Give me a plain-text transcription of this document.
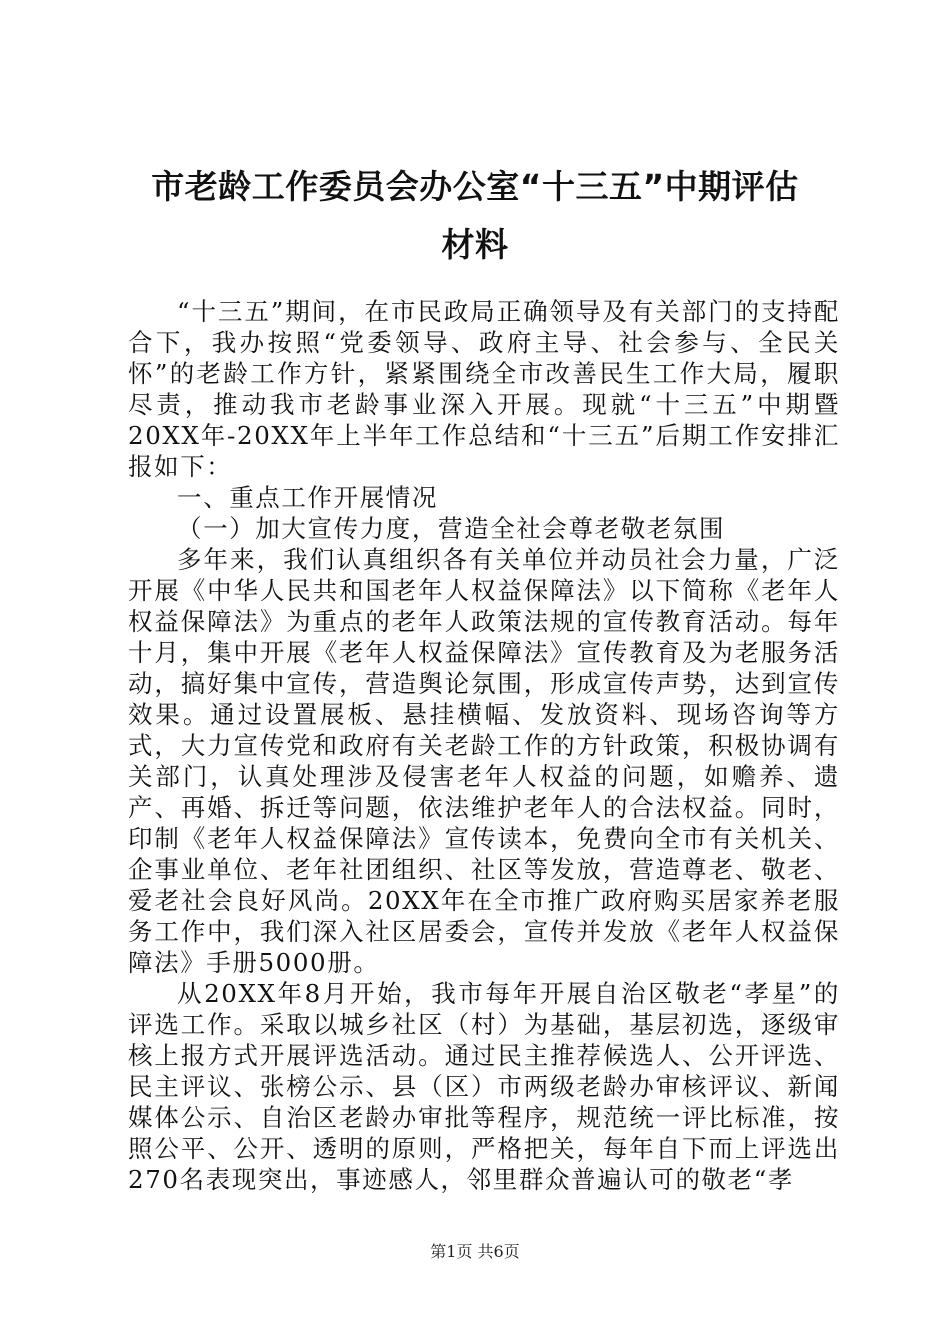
市老龄工作委员会办公室“十三五”中期评估
材料

“十三五”期间，在市民政局正确领导及有关部门的支持配合下，我办按照“党委领导、政府主导、社会参与、全民关怀”的老龄工作方针，紧紧围绕全市改善民生工作大局，履职尽责，推动我市老龄事业深入开展。现就“十三五”中期暨20XX年-20XX年上半年工作总结和“十三五”后期工作安排汇报如下：

一、重点工作开展情况

（一）加大宣传力度，营造全社会尊老敬老氛围

多年来，我们认真组织各有关单位并动员社会力量，广泛开展《中华人民共和国老年人权益保障法》以下简称《老年人权益保障法》为重点的老年人政策法规的宣传教育活动。每年十月，集中开展《老年人权益保障法》宣传教育及为老服务活动，搞好集中宣传，营造舆论氛围，形成宣传声势，达到宣传效果。通过设置展板、悬挂横幅、发放资料、现场咨询等方式，大力宣传党和政府有关老龄工作的方针政策，积极协调有关部门，认真处理涉及侵害老年人权益的问题，如赡养、遗产、再婚、拆迁等问题，依法维护老年人的合法权益。同时，印制《老年人权益保障法》宣传读本，免费向全市有关机关、企事业单位、老年社团组织、社区等发放，营造尊老、敬老、爱老社会良好风尚。20XX年在全市推广政府购买居家养老服务工作中，我们深入社区居委会，宣传并发放《老年人权益保障法》手册5000册。

从20XX年8月开始，我市每年开展自治区敬老“孝星”的评选工作。采取以城乡社区（村）为基础，基层初选，逐级审核上报方式开展评选活动。通过民主推荐候选人、公开评选、民主评议、张榜公示、县（区）市两级老龄办审核评议、新闻媒体公示、自治区老龄办审批等程序，规范统一评比标准，按照公平、公开、透明的原则，严格把关，每年自下而上评选出270名表现突出，事迹感人，邻里群众普遍认可的敬老“孝

第1页 共6页
